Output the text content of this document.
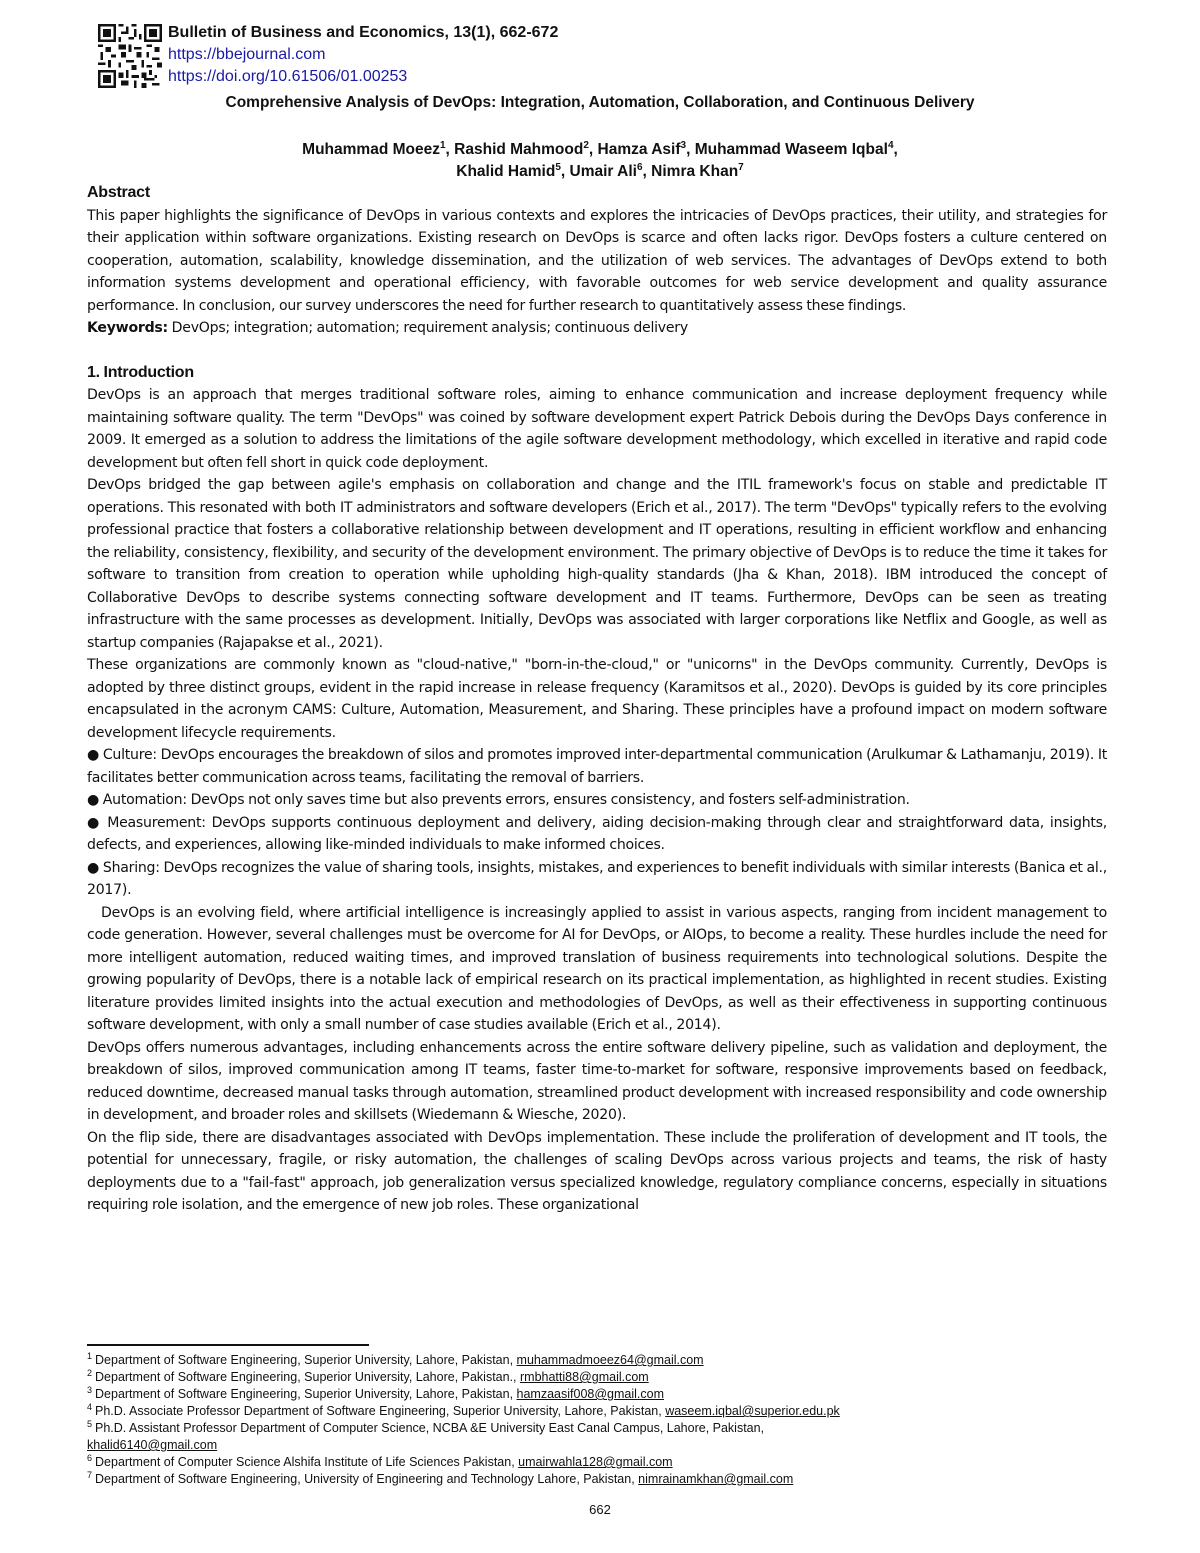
Bulletin of Business and Economics, 13(1), 662-672
https://bbejournal.com
https://doi.org/10.61506/01.00253
Comprehensive Analysis of DevOps: Integration, Automation, Collaboration, and Continuous Delivery
Muhammad Moeez$^1$, Rashid Mahmood$^2$, Hamza Asif$^3$, Muhammad Waseem Iqbal$^4$,
Khalid Hamid$^5$, Umair Ali$^6$, Nimra Khan$^7$

Abstract

This paper highlights the significance of DevOps in various contexts and explores the intricacies of DevOps practices, their utility, and strategies for their application within software organizations. Existing research on DevOps is scarce and often lacks rigor. DevOps fosters a culture centered on cooperation, automation, scalability, knowledge dissemination, and the utilization of web services. The advantages of DevOps extend to both information systems development and operational efficiency, with favorable outcomes for web service development and quality assurance performance. In conclusion, our survey underscores the need for further research to quantitatively assess these findings.

Keywords: DevOps; integration; automation; requirement analysis; continuous delivery

1. Introduction

DevOps is an approach that merges traditional software roles, aiming to enhance communication and increase deployment frequency while maintaining software quality. The term "DevOps" was coined by software development expert Patrick Debois during the DevOps Days conference in 2009. It emerged as a solution to address the limitations of the agile software development methodology, which excelled in iterative and rapid code development but often fell short in quick code deployment.

DevOps bridged the gap between agile's emphasis on collaboration and change and the ITIL framework's focus on stable and predictable IT operations. This resonated with both IT administrators and software developers (Erich et al., 2017). The term "DevOps" typically refers to the evolving professional practice that fosters a collaborative relationship between development and IT operations, resulting in efficient workflow and enhancing the reliability, consistency, flexibility, and security of the development environment. The primary objective of DevOps is to reduce the time it takes for software to transition from creation to operation while upholding high-quality standards (Jha & Khan, 2018). IBM introduced the concept of Collaborative DevOps to describe systems connecting software development and IT teams. Furthermore, DevOps can be seen as treating infrastructure with the same processes as development. Initially, DevOps was associated with larger corporations like Netflix and Google, as well as startup companies (Rajapakse et al., 2021).

These organizations are commonly known as "cloud-native," "born-in-the-cloud," or "unicorns" in the DevOps community. Currently, DevOps is adopted by three distinct groups, evident in the rapid increase in release frequency (Karamitsos et al., 2020). DevOps is guided by its core principles encapsulated in the acronym CAMS: Culture, Automation, Measurement, and Sharing. These principles have a profound impact on modern software development lifecycle requirements.

● Culture: DevOps encourages the breakdown of silos and promotes improved inter-departmental communication (Arulkumar & Lathamanju, 2019). It facilitates better communication across teams, facilitating the removal of barriers.

● Automation: DevOps not only saves time but also prevents errors, ensures consistency, and fosters self-administration.

● Measurement: DevOps supports continuous deployment and delivery, aiding decision-making through clear and straightforward data, insights, defects, and experiences, allowing like-minded individuals to make informed choices.

● Sharing: DevOps recognizes the value of sharing tools, insights, mistakes, and experiences to benefit individuals with similar interests (Banica et al., 2017).

DevOps is an evolving field, where artificial intelligence is increasingly applied to assist in various aspects, ranging from incident management to code generation. However, several challenges must be overcome for AI for DevOps, or AIOps, to become a reality. These hurdles include the need for more intelligent automation, reduced waiting times, and improved translation of business requirements into technological solutions. Despite the growing popularity of DevOps, there is a notable lack of empirical research on its practical implementation, as highlighted in recent studies. Existing literature provides limited insights into the actual execution and methodologies of DevOps, as well as their effectiveness in supporting continuous software development, with only a small number of case studies available (Erich et al., 2014).

DevOps offers numerous advantages, including enhancements across the entire software delivery pipeline, such as validation and deployment, the breakdown of silos, improved communication among IT teams, faster time-to-market for software, responsive improvements based on feedback, reduced downtime, decreased manual tasks through automation, streamlined product development with increased responsibility and code ownership in development, and broader roles and skillsets (Wiedemann & Wiesche, 2020).

On the flip side, there are disadvantages associated with DevOps implementation. These include the proliferation of development and IT tools, the potential for unnecessary, fragile, or risky automation, the challenges of scaling DevOps across various projects and teams, the risk of hasty deployments due to a "fail-fast" approach, job generalization versus specialized knowledge, regulatory compliance concerns, especially in situations requiring role isolation, and the emergence of new job roles. These organizational

$^1$ Department of Software Engineering, Superior University, Lahore, Pakistan, muhammadmoeez64@gmail.com
$^2$ Department of Software Engineering, Superior University, Lahore, Pakistan., rmbhatti88@gmail.com
$^3$ Department of Software Engineering, Superior University, Lahore, Pakistan, hamzaasif008@gmail.com
$^4$ Ph.D. Associate Professor Department of Software Engineering, Superior University, Lahore, Pakistan, waseem.iqbal@superior.edu.pk
$^5$ Ph.D. Assistant Professor Department of Computer Science, NCBA &E University East Canal Campus, Lahore, Pakistan,
khalid6140@gmail.com
$^6$ Department of Computer Science Alshifa Institute of Life Sciences Pakistan, umairwahla128@gmail.com
$^7$ Department of Software Engineering, University of Engineering and Technology Lahore, Pakistan, nimrainamkhan@gmail.com
662
